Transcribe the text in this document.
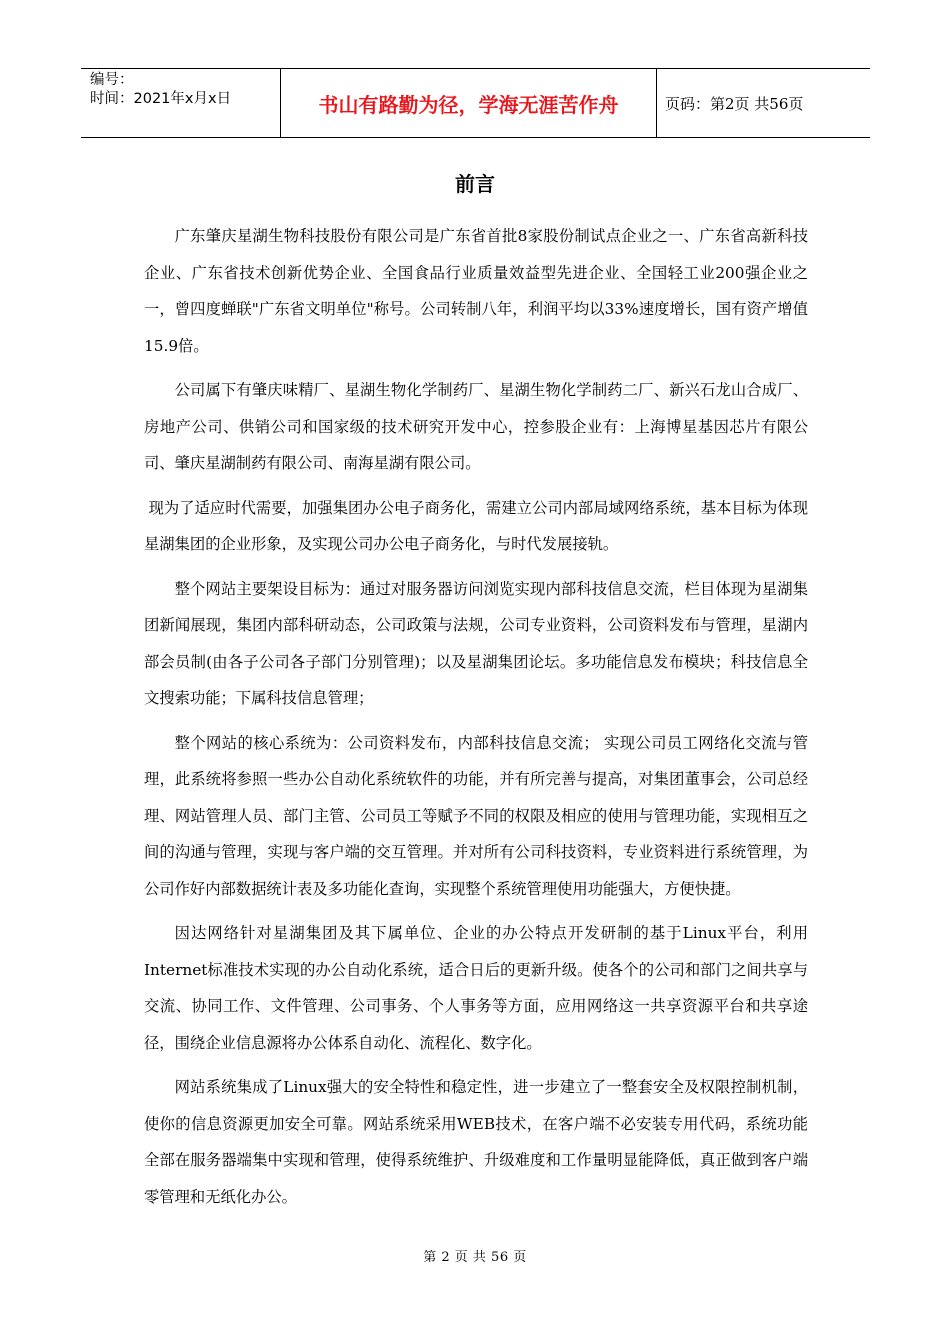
编号：
时间：2021年x月x日	书山有路勤为径，学海无涯苦作舟	页码：第2页 共56页
前言

广东肇庆星湖生物科技股份有限公司是广东省首批8家股份制试点企业之一、广东省高新科技企业、广东省技术创新优势企业、全国食品行业质量效益型先进企业、全国轻工业200强企业之一，曾四度蝉联"广东省文明单位"称号。公司转制八年，利润平均以33%速度增长，国有资产增值15.9倍。

公司属下有肇庆味精厂、星湖生物化学制药厂、星湖生物化学制药二厂、新兴石龙山合成厂、房地产公司、供销公司和国家级的技术研究开发中心，控参股企业有：上海博星基因芯片有限公司、肇庆星湖制药有限公司、南海星湖有限公司。

现为了适应时代需要，加强集团办公电子商务化，需建立公司内部局域网络系统，基本目标为体现星湖集团的企业形象，及实现公司办公电子商务化，与时代发展接轨。

整个网站主要架设目标为：通过对服务器访问浏览实现内部科技信息交流，栏目体现为星湖集团新闻展现，集团内部科研动态，公司政策与法规，公司专业资料，公司资料发布与管理，星湖内部会员制(由各子公司各子部门分别管理)；以及星湖集团论坛。多功能信息发布模块；科技信息全文搜索功能；下属科技信息管理；

整个网站的核心系统为：公司资料发布，内部科技信息交流； 实现公司员工网络化交流与管理，此系统将参照一些办公自动化系统软件的功能，并有所完善与提高，对集团董事会，公司总经理、网站管理人员、部门主管、公司员工等赋予不同的权限及相应的使用与管理功能，实现相互之间的沟通与管理，实现与客户端的交互管理。并对所有公司科技资料，专业资料进行系统管理，为公司作好内部数据统计表及多功能化查询，实现整个系统管理使用功能强大，方便快捷。

因达网络针对星湖集团及其下属单位、企业的办公特点开发研制的基于Linux平台，利用Internet标准技术实现的办公自动化系统，适合日后的更新升级。使各个的公司和部门之间共享与交流、协同工作、文件管理、公司事务、个人事务等方面，应用网络这一共享资源平台和共享途径，围绕企业信息源将办公体系自动化、流程化、数字化。

网站系统集成了Linux强大的安全特性和稳定性，进一步建立了一整套安全及权限控制机制，使你的信息资源更加安全可靠。网站系统采用WEB技术，在客户端不必安装专用代码，系统功能全部在服务器端集中实现和管理，使得系统维护、升级难度和工作量明显能降低，真正做到客户端零管理和无纸化办公。

第 2 页 共 56 页
